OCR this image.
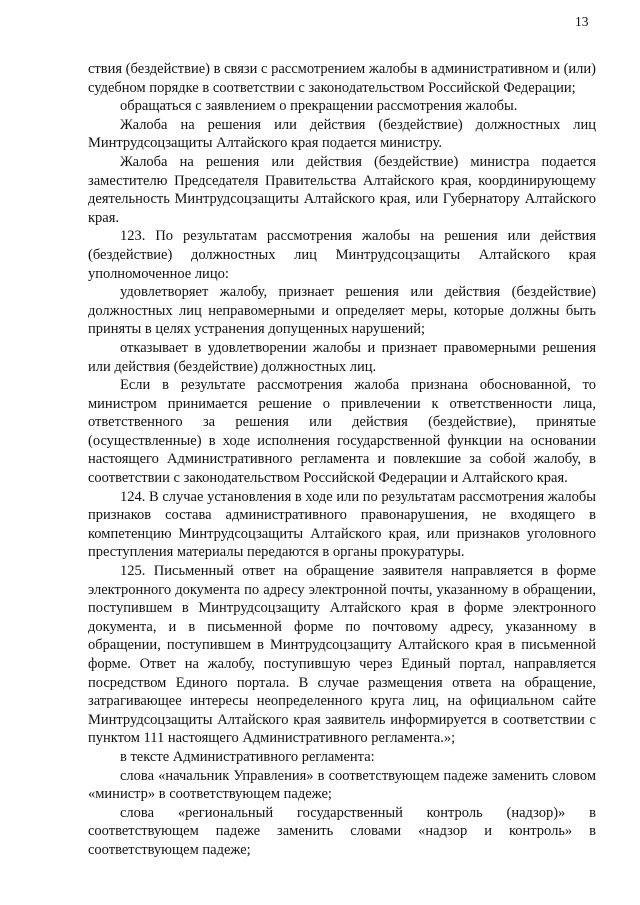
13

ствия (бездействие) в связи с рассмотрением жалобы в административном и (или) судебном порядке в соответствии с законодательством Российской Федерации;

обращаться с заявлением о прекращении рассмотрения жалобы.

Жалоба на решения или действия (бездействие) должностных лиц Минтрудсоцзащиты Алтайского края подается министру.

Жалоба на решения или действия (бездействие) министра подается заместителю Председателя Правительства Алтайского края, координирующему деятельность Минтрудсоцзащиты Алтайского края, или Губернатору Алтайского края.

123. По результатам рассмотрения жалобы на решения или действия (бездействие) должностных лиц Минтрудсоцзащиты Алтайского края уполномоченное лицо:

удовлетворяет жалобу, признает решения или действия (бездействие) должностных лиц неправомерными и определяет меры, которые должны быть приняты в целях устранения допущенных нарушений;

отказывает в удовлетворении жалобы и признает правомерными решения или действия (бездействие) должностных лиц.

Если в результате рассмотрения жалоба признана обоснованной, то министром принимается решение о привлечении к ответственности лица, ответственного за решения или действия (бездействие), принятые (осуществленные) в ходе исполнения государственной функции на основании настоящего Административного регламента и повлекшие за собой жалобу, в соответствии с законодательством Российской Федерации и Алтайского края.

124. В случае установления в ходе или по результатам рассмотрения жалобы признаков состава административного правонарушения, не входящего в компетенцию Минтрудсоцзащиты Алтайского края, или признаков уголовного преступления материалы передаются в органы прокуратуры.

125. Письменный ответ на обращение заявителя направляется в форме электронного документа по адресу электронной почты, указанному в обращении, поступившем в Минтрудсоцзащиту Алтайского края в форме электронного документа, и в письменной форме по почтовому адресу, указанному в обращении, поступившем в Минтрудсоцзащиту Алтайского края в письменной форме. Ответ на жалобу, поступившую через Единый портал, направляется посредством Единого портала. В случае размещения ответа на обращение, затрагивающее интересы неопределенного круга лиц, на официальном сайте Минтрудсоцзащиты Алтайского края заявитель информируется в соответствии с пунктом 111 настоящего Административного регламента.»;

в тексте Административного регламента:

слова «начальник Управления» в соответствующем падеже заменить словом «министр» в соответствующем падеже;

слова «региональный государственный контроль (надзор)» в соответствующем падеже заменить словами «надзор и контроль» в соответствующем падеже;
